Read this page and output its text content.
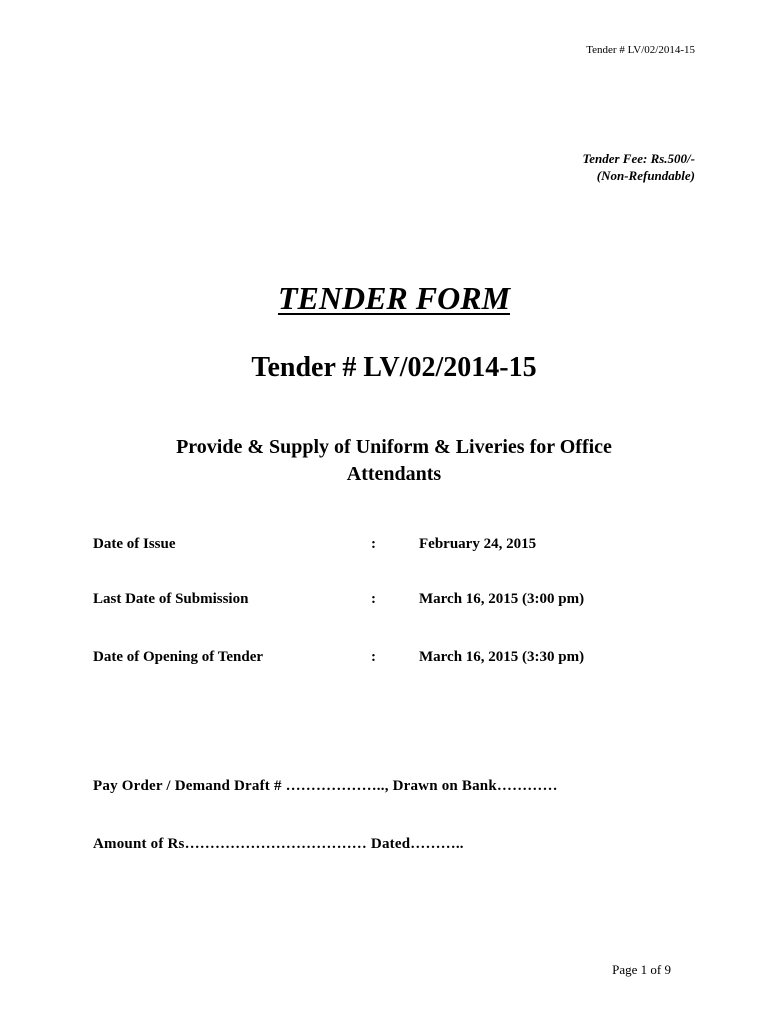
Tender # LV/02/2014-15
Tender Fee: Rs.500/-
(Non-Refundable)
TENDER FORM
Tender # LV/02/2014-15
Provide & Supply of Uniform & Liveries for Office
Attendants
Date of Issue	:	February 24, 2015
Last Date of Submission	:	March 16, 2015 (3:00 pm)
Date of Opening of Tender	:	March 16, 2015 (3:30 pm)
Pay Order / Demand Draft # ……………….., Drawn on Bank…………
Amount of Rs……………………………… Dated………..
Page 1 of 9
